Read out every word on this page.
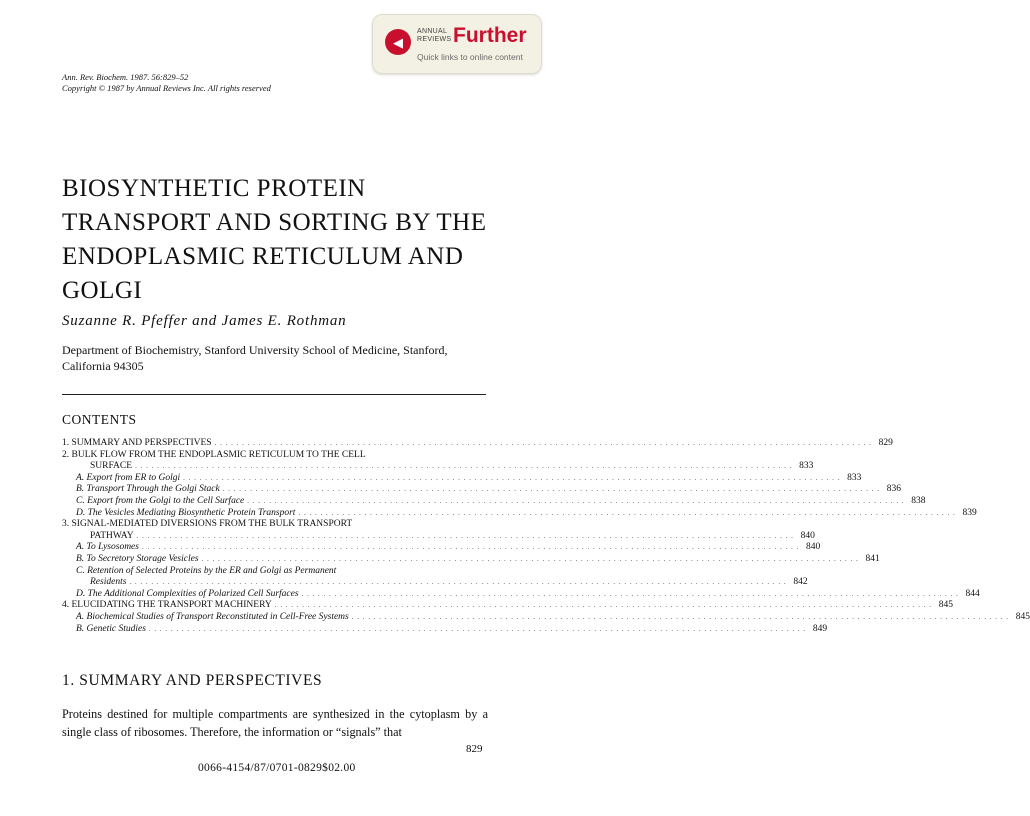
◀
ANNUAL
REVIEWS Further
Quick links to online content
Ann. Rev. Biochem. 1987. 56:829–52
Copyright © 1987 by Annual Reviews Inc. All rights reserved
BIOSYNTHETIC PROTEIN TRANSPORT AND SORTING BY THE ENDOPLASMIC RETICULUM AND GOLGI
Suzanne R. Pfeffer and James E. Rothman
Department of Biochemistry, Stanford University School of Medicine, Stanford, California 94305
CONTENTS
1. SUMMARY AND PERSPECTIVES . . . . . . . . . . . . . . . . . . . . . . . . . . . . . . . . . . . . . . . . . . . . . . . . . . . . . . . . . . . . . . . . . . . . . . . . . . . . . . . . . . . . . . . . . . . . . . . . . . . . . . . . . . . . . . . . . . . . . . . . 829
2. BULK FLOW FROM THE ENDOPLASMIC RETICULUM TO THE CELL
SURFACE . . . . . . . . . . . . . . . . . . . . . . . . . . . . . . . . . . . . . . . . . . . . . . . . . . . . . . . . . . . . . . . . . . . . . . . . . . . . . . . . . . . . . . . . . . . . . . . . . . . . . . . . . . . . . . . . . . . . . . . . 833
A. Export from ER to Golgi . . . . . . . . . . . . . . . . . . . . . . . . . . . . . . . . . . . . . . . . . . . . . . . . . . . . . . . . . . . . . . . . . . . . . . . . . . . . . . . . . . . . . . . . . . . . . . . . . . . . . . . . . . . . . . . . . . . . . . . . 833
B. Transport Through the Golgi Stack . . . . . . . . . . . . . . . . . . . . . . . . . . . . . . . . . . . . . . . . . . . . . . . . . . . . . . . . . . . . . . . . . . . . . . . . . . . . . . . . . . . . . . . . . . . . . . . . . . . . . . . . . . . . . . . . . . . . . . . . 836
C. Export from the Golgi to the Cell Surface . . . . . . . . . . . . . . . . . . . . . . . . . . . . . . . . . . . . . . . . . . . . . . . . . . . . . . . . . . . . . . . . . . . . . . . . . . . . . . . . . . . . . . . . . . . . . . . . . . . . . . . . . . . . . . . . . . . . . . . . 838
D. The Vesicles Mediating Biosynthetic Protein Transport . . . . . . . . . . . . . . . . . . . . . . . . . . . . . . . . . . . . . . . . . . . . . . . . . . . . . . . . . . . . . . . . . . . . . . . . . . . . . . . . . . . . . . . . . . . . . . . . . . . . . . . . . . . . . . . . . . . . . . . . 839
3. SIGNAL-MEDIATED DIVERSIONS FROM THE BULK TRANSPORT
PATHWAY . . . . . . . . . . . . . . . . . . . . . . . . . . . . . . . . . . . . . . . . . . . . . . . . . . . . . . . . . . . . . . . . . . . . . . . . . . . . . . . . . . . . . . . . . . . . . . . . . . . . . . . . . . . . . . . . . . . . . . . . 840
A. To Lysosomes . . . . . . . . . . . . . . . . . . . . . . . . . . . . . . . . . . . . . . . . . . . . . . . . . . . . . . . . . . . . . . . . . . . . . . . . . . . . . . . . . . . . . . . . . . . . . . . . . . . . . . . . . . . . . . . . . . . . . . . . 840
B. To Secretory Storage Vesicles . . . . . . . . . . . . . . . . . . . . . . . . . . . . . . . . . . . . . . . . . . . . . . . . . . . . . . . . . . . . . . . . . . . . . . . . . . . . . . . . . . . . . . . . . . . . . . . . . . . . . . . . . . . . . . . . . . . . . . . . 841
C. Retention of Selected Proteins by the ER and Golgi as Permanent
Residents . . . . . . . . . . . . . . . . . . . . . . . . . . . . . . . . . . . . . . . . . . . . . . . . . . . . . . . . . . . . . . . . . . . . . . . . . . . . . . . . . . . . . . . . . . . . . . . . . . . . . . . . . . . . . . . . . . . . . . . . 842
D. The Additional Complexities of Polarized Cell Surfaces . . . . . . . . . . . . . . . . . . . . . . . . . . . . . . . . . . . . . . . . . . . . . . . . . . . . . . . . . . . . . . . . . . . . . . . . . . . . . . . . . . . . . . . . . . . . . . . . . . . . . . . . . . . . . . . . . . . . . . . . 844
4. ELUCIDATING THE TRANSPORT MACHINERY . . . . . . . . . . . . . . . . . . . . . . . . . . . . . . . . . . . . . . . . . . . . . . . . . . . . . . . . . . . . . . . . . . . . . . . . . . . . . . . . . . . . . . . . . . . . . . . . . . . . . . . . . . . . . . . . . . . . . . . . 845
A. Biochemical Studies of Transport Reconstituted in Cell-Free Systems . . . . . . . . . . . . . . . . . . . . . . . . . . . . . . . . . . . . . . . . . . . . . . . . . . . . . . . . . . . . . . . . . . . . . . . . . . . . . . . . . . . . . . . . . . . . . . . . . . . . . . . . . . . . . . . . . . . . . . . . 845
B. Genetic Studies . . . . . . . . . . . . . . . . . . . . . . . . . . . . . . . . . . . . . . . . . . . . . . . . . . . . . . . . . . . . . . . . . . . . . . . . . . . . . . . . . . . . . . . . . . . . . . . . . . . . . . . . . . . . . . . . . . . . . . . . 849
1. SUMMARY AND PERSPECTIVES
Proteins destined for multiple compartments are synthesized in the cytoplasm by a single class of ribosomes. Therefore, the information or “signals” that
829
0066-4154/87/0701-0829$02.00
